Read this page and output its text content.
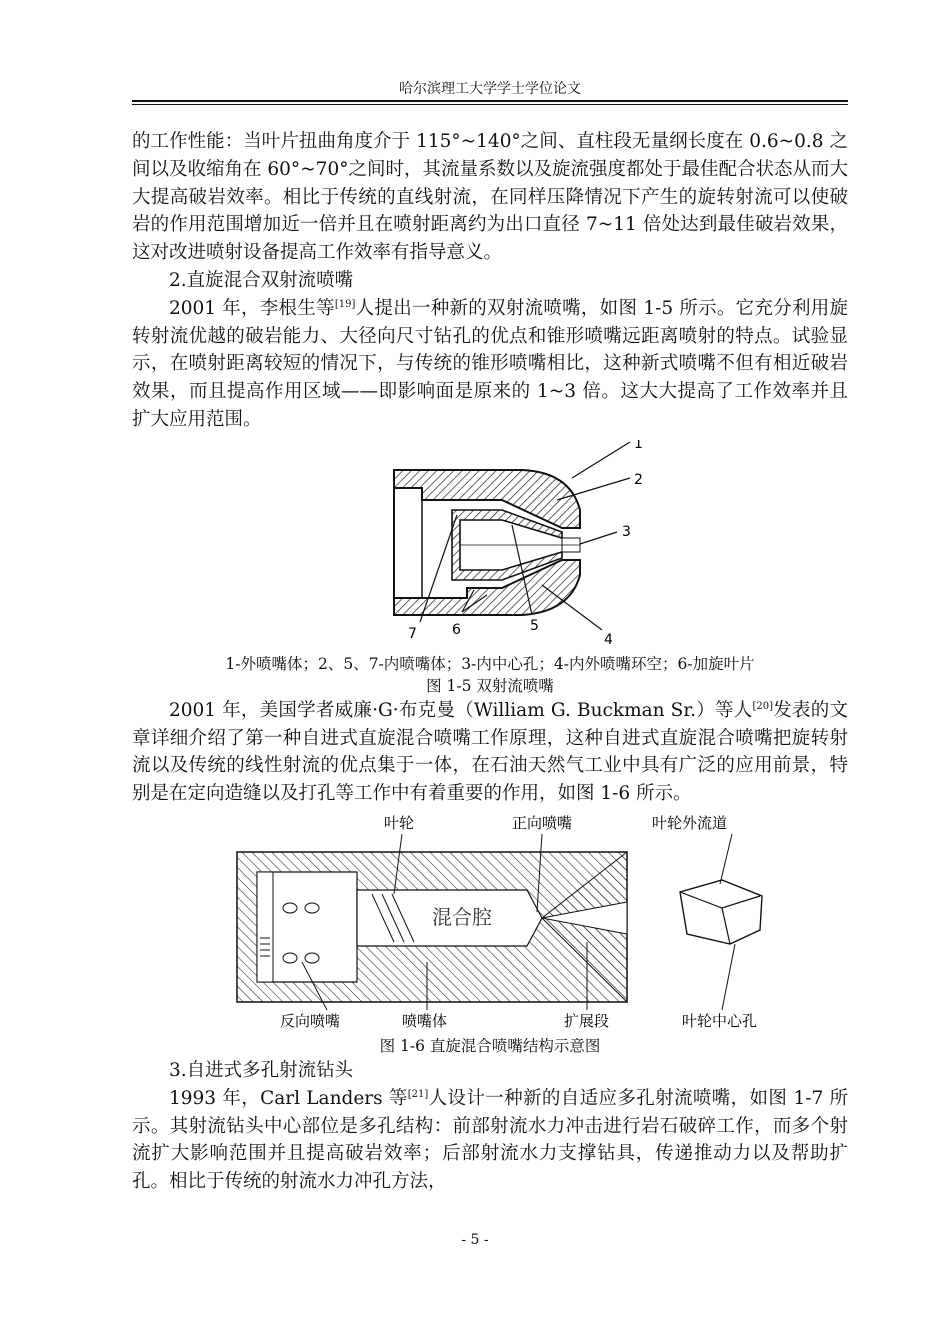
哈尔滨理工大学学士学位论文

的工作性能：当叶片扭曲角度介于 115°~140°之间、直柱段无量纲长度在 0.6~0.8 之间以及收缩角在 60°~70°之间时，其流量系数以及旋流强度都处于最佳配合状态从而大大提高破岩效率。相比于传统的直线射流，在同样压降情况下产生的旋转射流可以使破岩的作用范围增加近一倍并且在喷射距离约为出口直径 7~11 倍处达到最佳破岩效果，这对改进喷射设备提高工作效率有指导意义。

2.直旋混合双射流喷嘴

2001 年，李根生等[19]人提出一种新的双射流喷嘴，如图 1-5 所示。它充分利用旋转射流优越的破岩能力、大径向尺寸钻孔的优点和锥形喷嘴远距离喷射的特点。试验显示，在喷射距离较短的情况下，与传统的锥形喷嘴相比，这种新式喷嘴不但有相近破岩效果，而且提高作用区域——即影响面是原来的 1~3 倍。这大大提高了工作效率并且扩大应用范围。

1
2
3
4
5
6
7

1-外喷嘴体；2、5、7-内喷嘴体；3-内中心孔；4-内外喷嘴环空；6-加旋叶片

图 1-5 双射流喷嘴

2001 年，美国学者威廉·G·布克曼（William G. Buckman Sr.）等人[20]发表的文章详细介绍了第一种自进式直旋混合喷嘴工作原理，这种自进式直旋混合喷嘴把旋转射流以及传统的线性射流的优点集于一体，在石油天然气工业中具有广泛的应用前景，特别是在定向造缝以及打孔等工作中有着重要的作用，如图 1-6 所示。

叶轮	正向喷嘴	叶轮外流道
混合腔
反向喷嘴	喷嘴体	扩展段	叶轮中心孔

图 1-6 直旋混合喷嘴结构示意图

3.自进式多孔射流钻头

1993 年，Carl Landers 等[21]人设计一种新的自适应多孔射流喷嘴，如图 1-7 所示。其射流钻头中心部位是多孔结构：前部射流水力冲击进行岩石破碎工作，而多个射流扩大影响范围并且提高破岩效率；后部射流水力支撑钻具，传递推动力以及帮助扩孔。相比于传统的射流水力冲孔方法，

- 5 -
